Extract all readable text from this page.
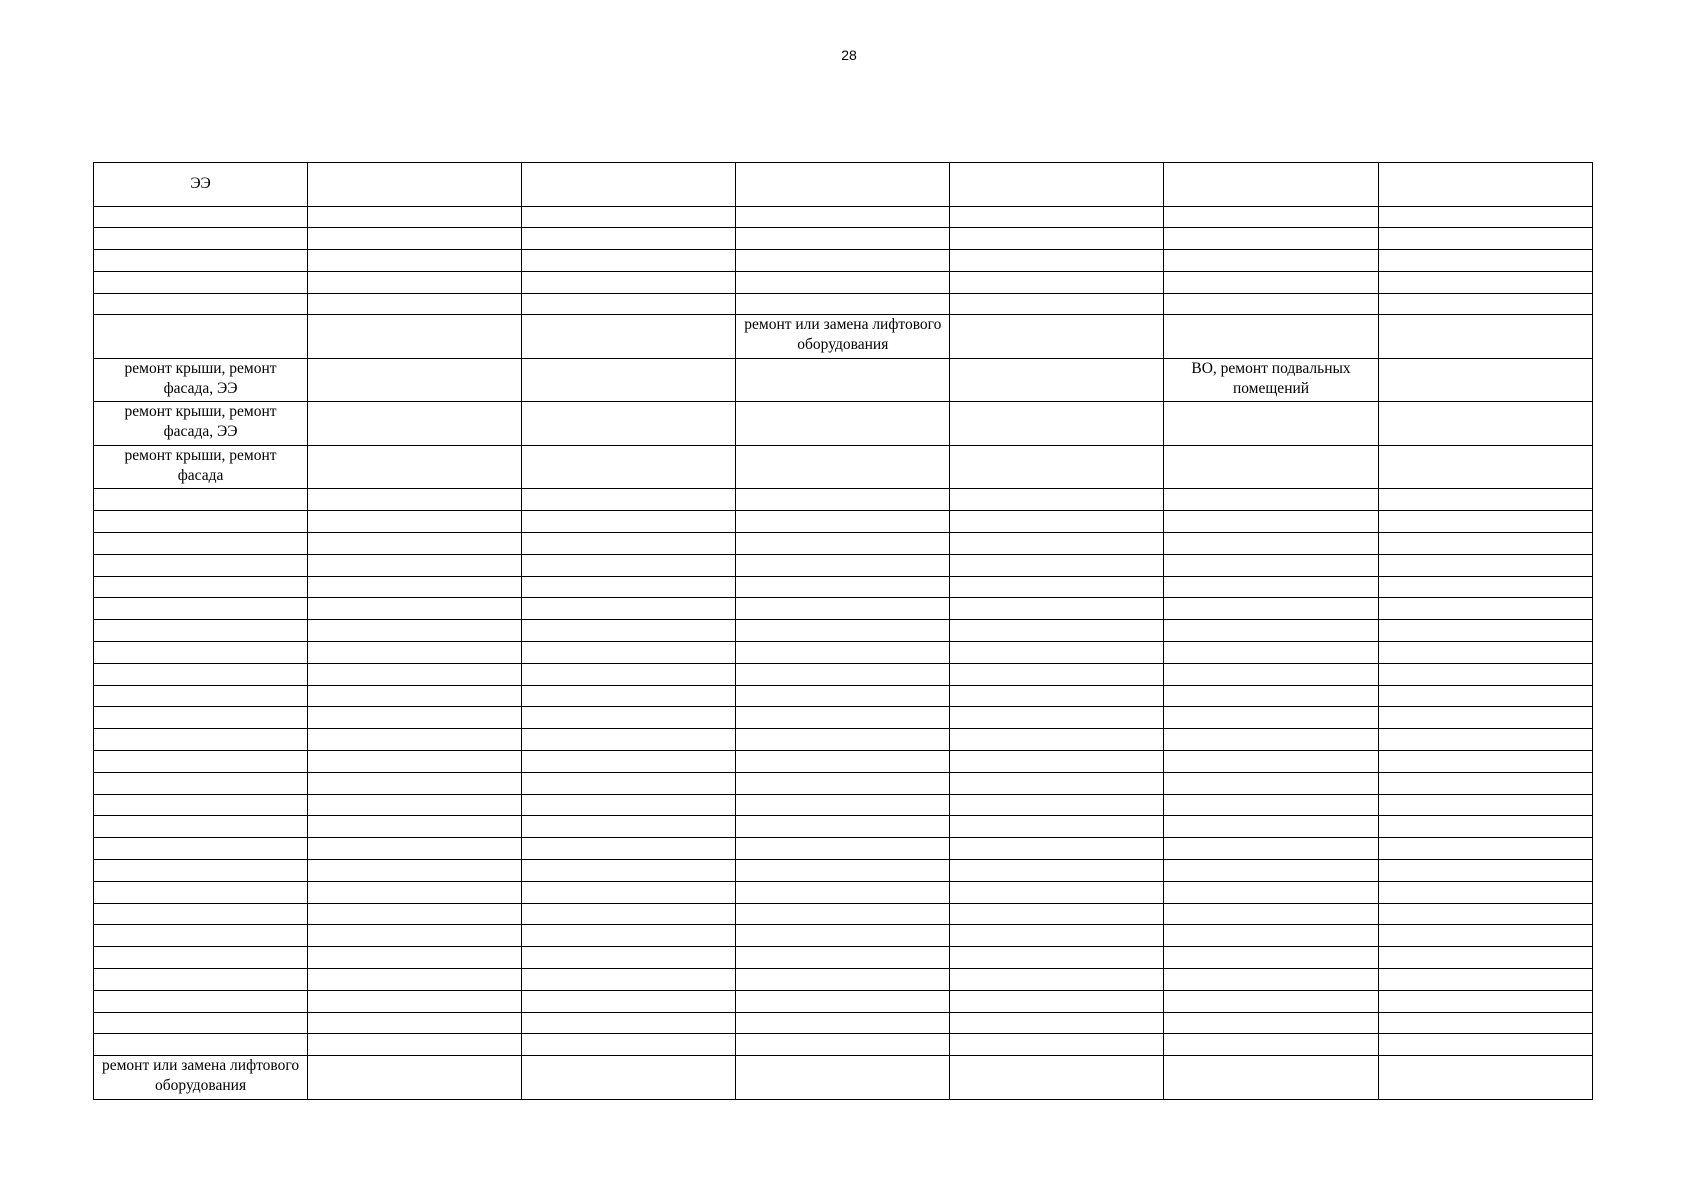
28
ЭЭ						

			ремонт или замена лифтового оборудования			
ремонт крыши, ремонт фасада, ЭЭ					ВО, ремонт подвальных помещений	
ремонт крыши, ремонт фасада, ЭЭ						
ремонт крыши, ремонт фасада						

ремонт или замена лифтового оборудования						
